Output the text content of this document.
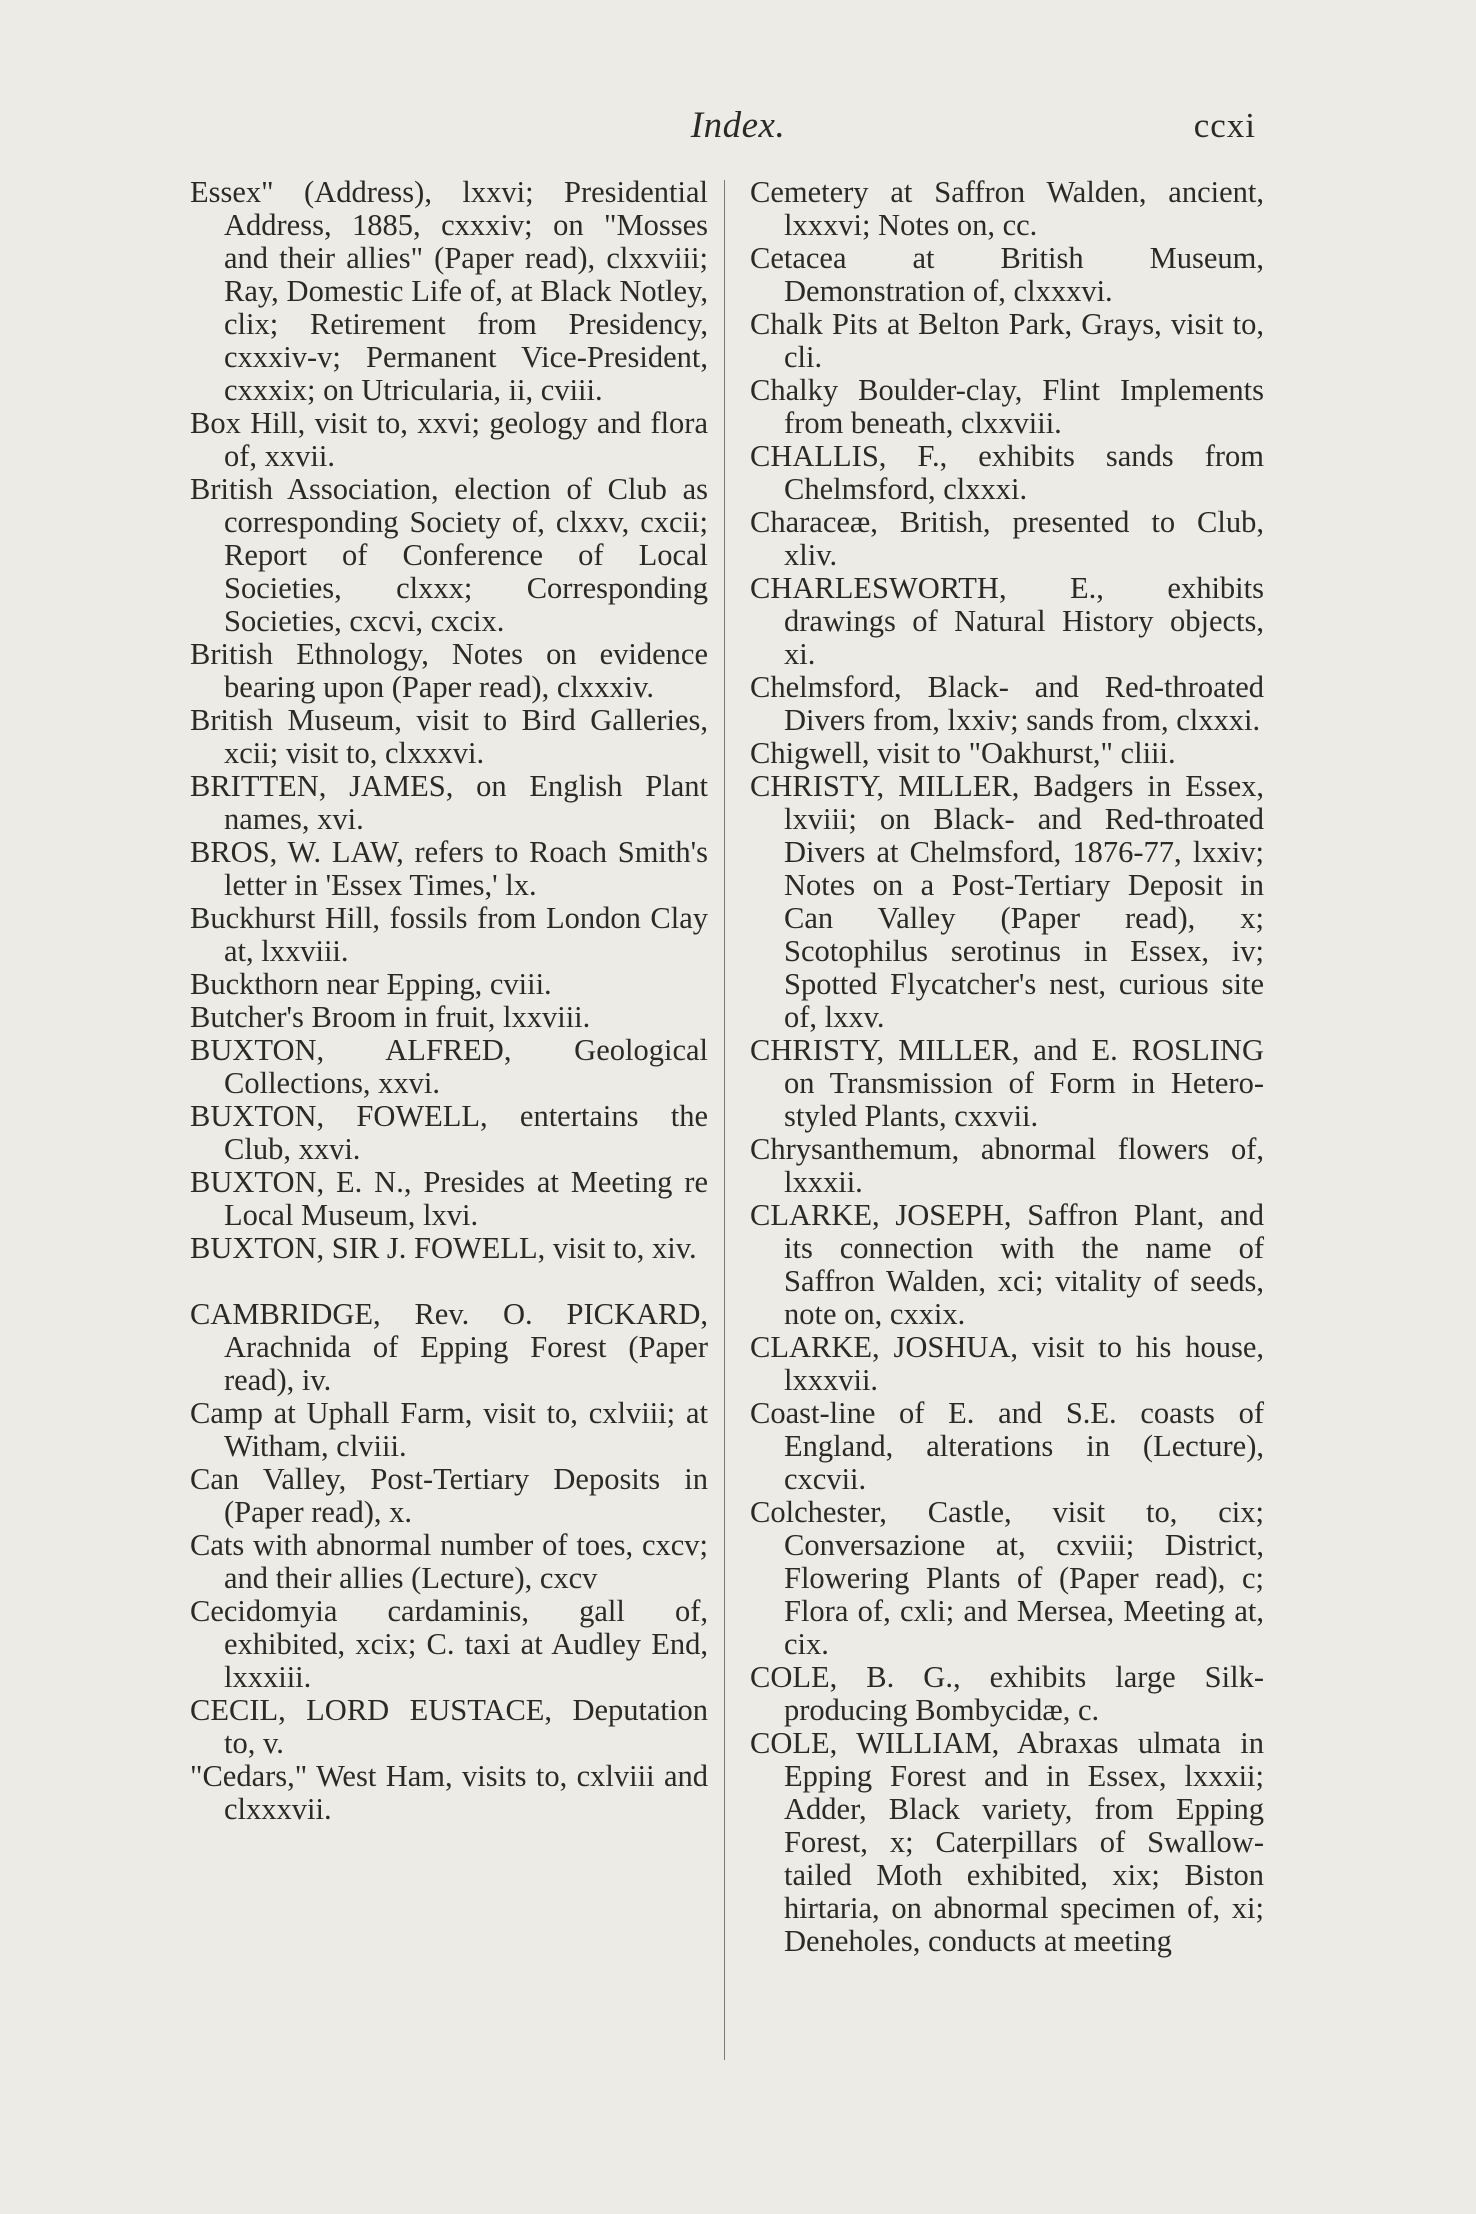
Index.	ccxi

Essex" (Address), lxxvi; Presidential Address, 1885, cxxxiv; on "Mosses and their allies" (Paper read), clxxviii; Ray, Domestic Life of, at Black Notley, clix; Retirement from Presidency, cxxxiv-v; Permanent Vice-President, cxxxix; on Utricularia, ii, cviii.

Box Hill, visit to, xxvi; geology and flora of, xxvii.

British Association, election of Club as corresponding Society of, clxxv, cxcii; Report of Conference of Local Societies, clxxx; Corresponding Societies, cxcvi, cxcix.

British Ethnology, Notes on evidence bearing upon (Paper read), clxxxiv.

British Museum, visit to Bird Galleries, xcii; visit to, clxxxvi.

BRITTEN, JAMES, on English Plant names, xvi.

BROS, W. LAW, refers to Roach Smith's letter in 'Essex Times,' lx.

Buckhurst Hill, fossils from London Clay at, lxxviii.

Buckthorn near Epping, cviii.

Butcher's Broom in fruit, lxxviii.

BUXTON, ALFRED, Geological Collections, xxvi.

BUXTON, FOWELL, entertains the Club, xxvi.

BUXTON, E. N., Presides at Meeting re Local Museum, lxvi.

BUXTON, SIR J. FOWELL, visit to, xiv.

CAMBRIDGE, Rev. O. PICKARD, Arachnida of Epping Forest (Paper read), iv.

Camp at Uphall Farm, visit to, cxlviii; at Witham, clviii.

Can Valley, Post-Tertiary Deposits in (Paper read), x.

Cats with abnormal number of toes, cxcv; and their allies (Lecture), cxcv

Cecidomyia cardaminis, gall of, exhibited, xcix; C. taxi at Audley End, lxxxiii.

CECIL, LORD EUSTACE, Deputation to, v.

"Cedars," West Ham, visits to, cxlviii and clxxxvii.

Cemetery at Saffron Walden, ancient, lxxxvi; Notes on, cc.

Cetacea at British Museum, Demonstration of, clxxxvi.

Chalk Pits at Belton Park, Grays, visit to, cli.

Chalky Boulder-clay, Flint Implements from beneath, clxxviii.

CHALLIS, F., exhibits sands from Chelmsford, clxxxi.

Characeæ, British, presented to Club, xliv.

CHARLESWORTH, E., exhibits drawings of Natural History objects, xi.

Chelmsford, Black- and Red-throated Divers from, lxxiv; sands from, clxxxi.

Chigwell, visit to "Oakhurst," cliii.

CHRISTY, MILLER, Badgers in Essex, lxviii; on Black- and Red-throated Divers at Chelmsford, 1876-77, lxxiv; Notes on a Post-Tertiary Deposit in Can Valley (Paper read), x; Scotophilus serotinus in Essex, iv; Spotted Flycatcher's nest, curious site of, lxxv.

CHRISTY, MILLER, and E. ROSLING on Transmission of Form in Hetero-styled Plants, cxxvii.

Chrysanthemum, abnormal flowers of, lxxxii.

CLARKE, JOSEPH, Saffron Plant, and its connection with the name of Saffron Walden, xci; vitality of seeds, note on, cxxix.

CLARKE, JOSHUA, visit to his house, lxxxvii.

Coast-line of E. and S.E. coasts of England, alterations in (Lecture), cxcvii.

Colchester, Castle, visit to, cix; Conversazione at, cxviii; District, Flowering Plants of (Paper read), c; Flora of, cxli; and Mersea, Meeting at, cix.

COLE, B. G., exhibits large Silk-producing Bombycidæ, c.

COLE, WILLIAM, Abraxas ulmata in Epping Forest and in Essex, lxxxii; Adder, Black variety, from Epping Forest, x; Caterpillars of Swallow-tailed Moth exhibited, xix; Biston hirtaria, on abnormal specimen of, xi; Deneholes, conducts at meeting
